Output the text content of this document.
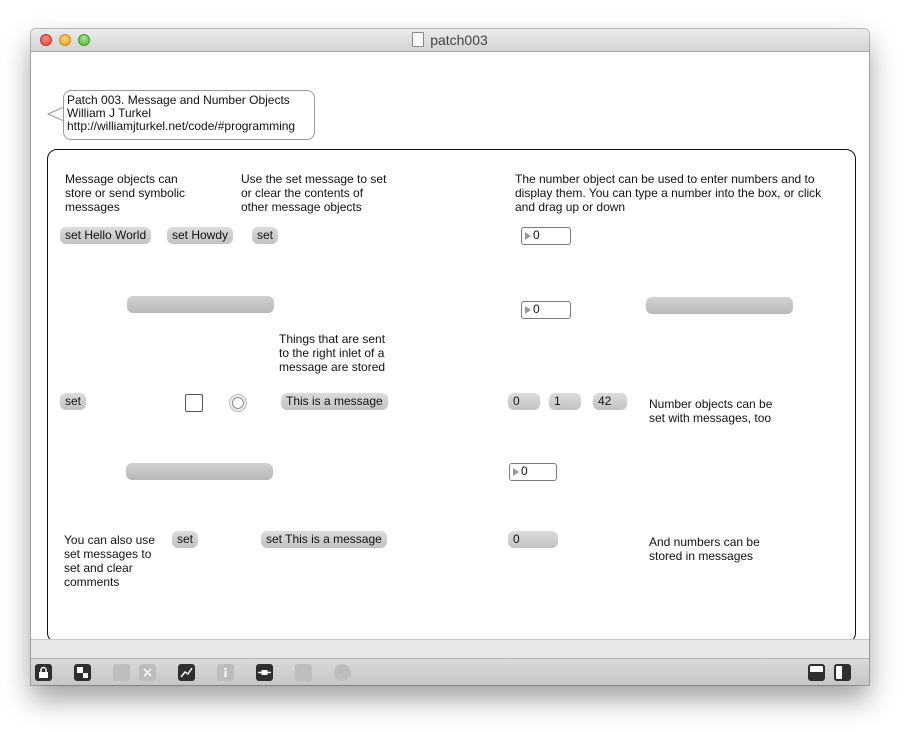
patch003
Patch 003. Message and Number Objects
William J Turkel
http://williamjturkel.net/code/#programming
Message objects can
store or send symbolic
messages
Use the set message to set
or clear the contents of
other message objects
The number object can be used to enter numbers and to
display them. You can type a number into the box, or click
and drag up or down
Things that are sent
to the right inlet of a
message are stored
Number objects can be
set with messages, too
You can also use
set messages to
set and clear
comments
And numbers can be
stored in messages
set Hello World	set Howdy	set	0
0
set	This is a message	0	1	42
0
0
set	set This is a message
